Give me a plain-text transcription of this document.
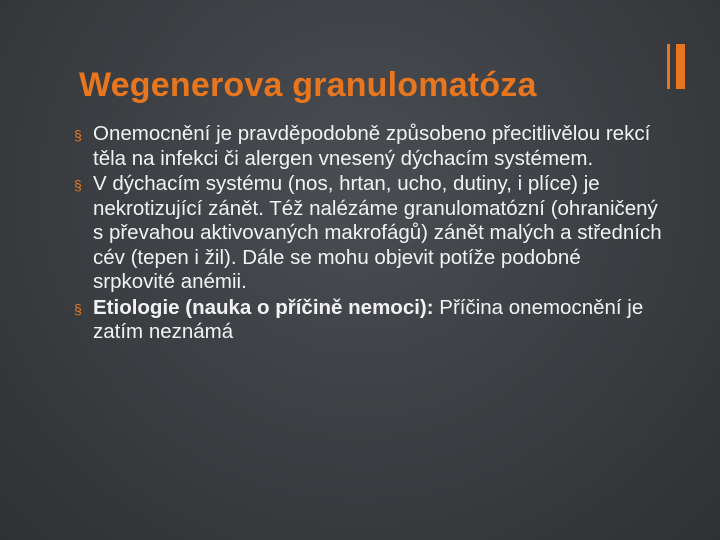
Wegenerova granulomatóza
§ Onemocnění je pravděpodobně způsobeno přecitlivělou rekcí těla na infekci či alergen vnesený dýchacím systémem.
§ V dýchacím systému (nos, hrtan, ucho, dutiny, i plíce) je nekrotizující zánět. Též nalézáme granulomatózní (ohraničený s převahou aktivovaných makrofágů) zánět malých a středních cév (tepen i žil). Dále se mohu objevit potíže podobné srpkovité anémii.
§ Etiologie (nauka o příčině nemoci): Příčina onemocnění je zatím neznámá
